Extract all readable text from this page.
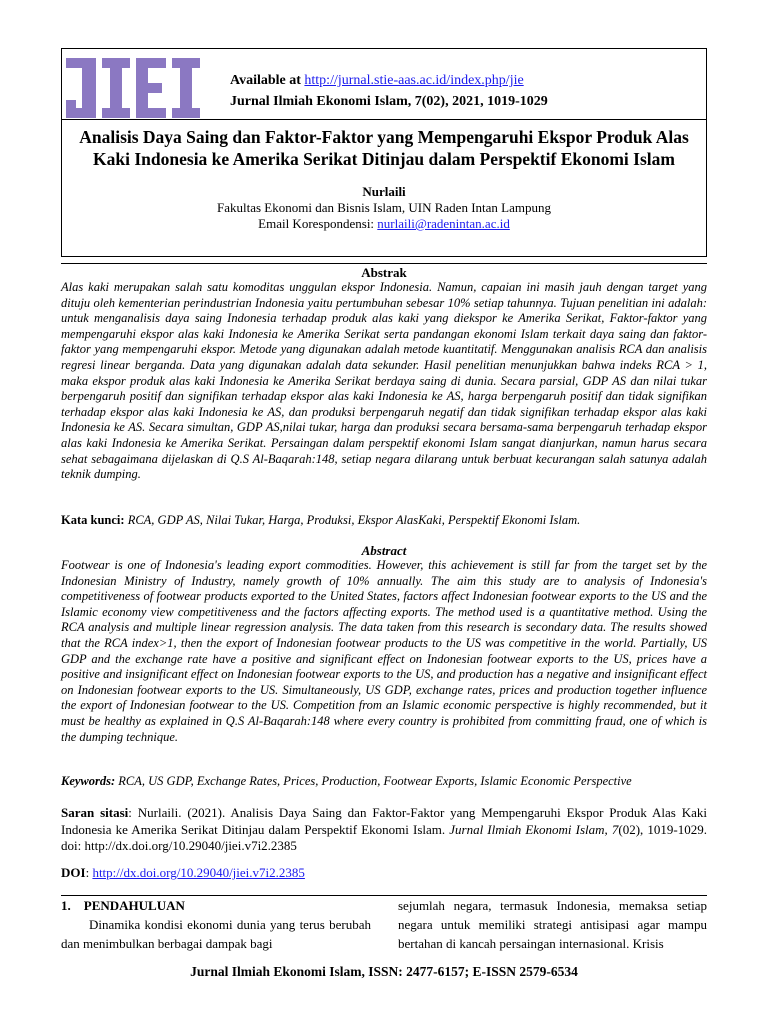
Available at http://jurnal.stie-aas.ac.id/index.php/jie
Jurnal Ilmiah Ekonomi Islam, 7(02), 2021, 1019-1029
Analisis Daya Saing dan Faktor-Faktor yang Mempengaruhi Ekspor Produk Alas Kaki Indonesia ke Amerika Serikat Ditinjau dalam Perspektif Ekonomi Islam
Nurlaili
Fakultas Ekonomi dan Bisnis Islam, UIN Raden Intan Lampung
Email Korespondensi: nurlaili@radenintan.ac.id
Abstrak
Alas kaki merupakan salah satu komoditas unggulan ekspor Indonesia. Namun, capaian ini masih jauh dengan target yang dituju oleh kementerian perindustrian Indonesia yaitu pertumbuhan sebesar 10% setiap tahunnya. Tujuan penelitian ini adalah: untuk menganalisis daya saing Indonesia terhadap produk alas kaki yang diekspor ke Amerika Serikat, Faktor-faktor yang mempengaruhi ekspor alas kaki Indonesia ke Amerika Serikat serta pandangan ekonomi Islam terkait daya saing dan faktor-faktor yang mempengaruhi ekspor. Metode yang digunakan adalah metode kuantitatif. Menggunakan analisis RCA dan analisis regresi linear berganda. Data yang digunakan adalah data sekunder. Hasil penelitian menunjukkan bahwa indeks RCA > 1, maka ekspor produk alas kaki Indonesia ke Amerika Serikat berdaya saing di dunia. Secara parsial, GDP AS dan nilai tukar berpengaruh positif dan signifikan terhadap ekspor alas kaki Indonesia ke AS, harga berpengaruh positif dan tidak signifikan terhadap ekspor alas kaki Indonesia ke AS, dan produksi berpengaruh negatif dan tidak signifikan terhadap ekspor alas kaki Indonesia ke AS. Secara simultan, GDP AS,nilai tukar, harga dan produksi secara bersama-sama berpengaruh terhadap ekspor alas kaki Indonesia ke Amerika Serikat. Persaingan dalam perspektif ekonomi Islam sangat dianjurkan, namun harus secara sehat sebagaimana dijelaskan di Q.S Al-Baqarah:148, setiap negara dilarang untuk berbuat kecurangan salah satunya adalah teknik dumping.
Kata kunci: RCA, GDP AS, Nilai Tukar, Harga, Produksi, Ekspor AlasKaki, Perspektif Ekonomi Islam.
Abstract
Footwear is one of Indonesia's leading export commodities. However, this achievement is still far from the target set by the Indonesian Ministry of Industry, namely growth of 10% annually. The aim this study are to analysis of Indonesia's competitiveness of footwear products exported to the United States, factors affect Indonesian footwear exports to the US and the Islamic economy view competitiveness and the factors affecting exports. The method used is a quantitative method. Using the RCA analysis and multiple linear regression analysis. The data taken from this research is secondary data. The results showed that the RCA index>1, then the export of Indonesian footwear products to the US was competitive in the world. Partially, US GDP and the exchange rate have a positive and significant effect on Indonesian footwear exports to the US, prices have a positive and insignificant effect on Indonesian footwear exports to the US, and production has a negative and insignificant effect on Indonesian footwear exports to the US. Simultaneously, US GDP, exchange rates, prices and production together influence the export of Indonesian footwear to the US. Competition from an Islamic economic perspective is highly recommended, but it must be healthy as explained in Q.S Al-Baqarah:148 where every country is prohibited from committing fraud, one of which is the dumping technique.
Keywords: RCA, US GDP, Exchange Rates, Prices, Production, Footwear Exports, Islamic Economic Perspective
Saran sitasi: Nurlaili. (2021). Analisis Daya Saing dan Faktor-Faktor yang Mempengaruhi Ekspor Produk Alas Kaki Indonesia ke Amerika Serikat Ditinjau dalam Perspektif Ekonomi Islam. Jurnal Ilmiah Ekonomi Islam, 7(02), 1019-1029. doi: http://dx.doi.org/10.29040/jiei.v7i2.2385
DOI: http://dx.doi.org/10.29040/jiei.v7i2.2385
1. PENDAHULUAN
Dinamika kondisi ekonomi dunia yang terus berubah dan menimbulkan berbagai dampak bagi
sejumlah negara, termasuk Indonesia, memaksa setiap negara untuk memiliki strategi antisipasi agar mampu bertahan di kancah persaingan internasional. Krisis
Jurnal Ilmiah Ekonomi Islam, ISSN: 2477-6157; E-ISSN 2579-6534
